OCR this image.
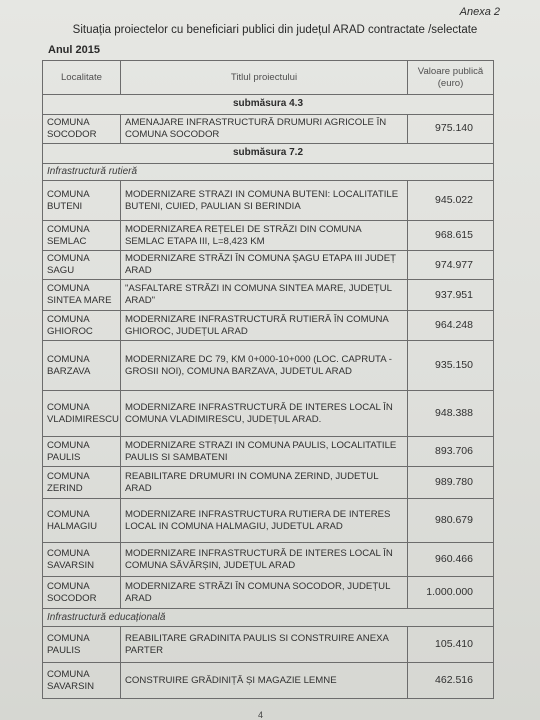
Anexa 2
Situația proiectelor cu beneficiari publici din județul ARAD contractate /selectate
Anul 2015
Localitate	Titlul proiectului	Valoare publică (euro)
submăsura 4.3		
COMUNA SOCODOR	AMENAJARE INFRASTRUCTURĂ DRUMURI AGRICOLE ÎN COMUNA SOCODOR	975.140
submăsura 7.2		
Infrastructură rutieră		
COMUNA BUTENI	MODERNIZARE STRAZI IN COMUNA BUTENI: LOCALITATILE BUTENI, CUIED, PAULIAN SI BERINDIA	945.022
COMUNA SEMLAC	MODERNIZAREA REȚELEI DE STRĂZI DIN COMUNA SEMLAC ETAPA III, L=8,423 KM	968.615
COMUNA SAGU	MODERNIZARE STRĂZI ÎN COMUNA ŞAGU ETAPA III JUDEȚ ARAD	974.977
COMUNA SINTEA MARE	"ASFALTARE STRĂZI IN COMUNA SINTEA MARE, JUDEȚUL ARAD"	937.951
COMUNA GHIOROC	MODERNIZARE INFRASTRUCTURĂ RUTIERĂ ÎN COMUNA GHIOROC, JUDEȚUL ARAD	964.248
COMUNA BARZAVA	MODERNIZARE DC 79, KM 0+000-10+000 (LOC. CAPRUTA - GROSII NOI), COMUNA BARZAVA, JUDETUL ARAD	935.150
COMUNA VLADIMIRESCU	MODERNIZARE INFRASTRUCTURĂ DE INTERES LOCAL ÎN COMUNA VLADIMIRESCU, JUDEȚUL ARAD.	948.388
COMUNA PAULIS	MODERNIZARE STRAZI IN COMUNA PAULIS, LOCALITATILE PAULIS SI SAMBATENI	893.706
COMUNA ZERIND	REABILITARE DRUMURI IN COMUNA ZERIND, JUDETUL ARAD	989.780
COMUNA HALMAGIU	MODERNIZARE INFRASTRUCTURA RUTIERA DE INTERES LOCAL IN COMUNA HALMAGIU, JUDETUL ARAD	980.679
COMUNA SAVARSIN	MODERNIZARE INFRASTRUCTURĂ DE INTERES LOCAL ÎN COMUNA SĂVÂRȘIN, JUDEȚUL ARAD	960.466
COMUNA SOCODOR	MODERNIZARE STRĂZI ÎN COMUNA SOCODOR, JUDEȚUL ARAD	1.000.000
Infrastructură educațională		
COMUNA PAULIS	REABILITARE GRADINITA PAULIS SI CONSTRUIRE ANEXA PARTER	105.410
COMUNA SAVARSIN	CONSTRUIRE GRĂDINIȚĂ ȘI MAGAZIE LEMNE	462.516
4
